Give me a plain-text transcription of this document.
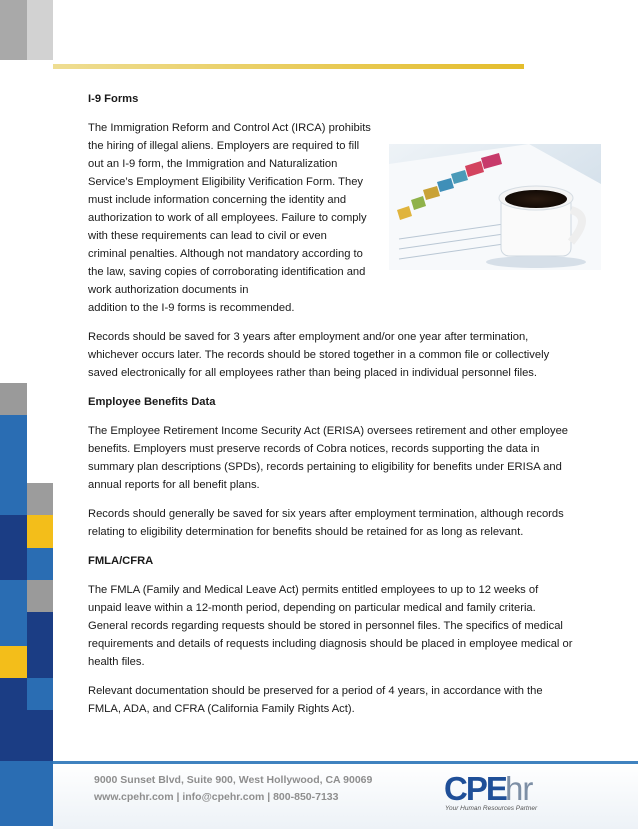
I-9 Forms

The Immigration Reform and Control Act (IRCA) prohibits
the hiring of illegal aliens. Employers are required to fill
out an I-9 form, the Immigration and Naturalization
Service’s Employment Eligibility Verification Form. They
must include information concerning the identity and
authorization to work of all employees. Failure to comply
with these requirements can lead to civil or even
criminal penalties. Although not mandatory according to
the law, saving copies of corroborating identification and work authorization documents in
addition to the I-9 forms is recommended.

Records should be saved for 3 years after employment and/or one year after termination, whichever occurs later. The records should be stored together in a common file or collectively saved electronically for all employees rather than being placed in individual personnel files.

Employee Benefits Data

The Employee Retirement Income Security Act (ERISA) oversees retirement and other employee benefits. Employers must preserve records of Cobra notices, records supporting the data in summary plan descriptions (SPDs), records pertaining to eligibility for benefits under ERISA and annual reports for all benefit plans.

Records should generally be saved for six years after employment termination, although records relating to eligibility determination for benefits should be retained for as long as relevant.

FMLA/CFRA

The FMLA (Family and Medical Leave Act) permits entitled employees to up to 12 weeks of unpaid leave within a 12-month period, depending on particular medical and family criteria. General records regarding requests should be stored in personnel files. The specifics of medical requirements and details of requests including diagnosis should be placed in employee medical or health files.

Relevant documentation should be preserved for a period of 4 years, in accordance with the FMLA, ADA, and CFRA (California Family Rights Act).

9000 Sunset Blvd, Suite 900, West Hollywood, CA 90069
www.cpehr.com | info@cpehr.com | 800-850-7133	CPE hr
Your Human Resources Partner
